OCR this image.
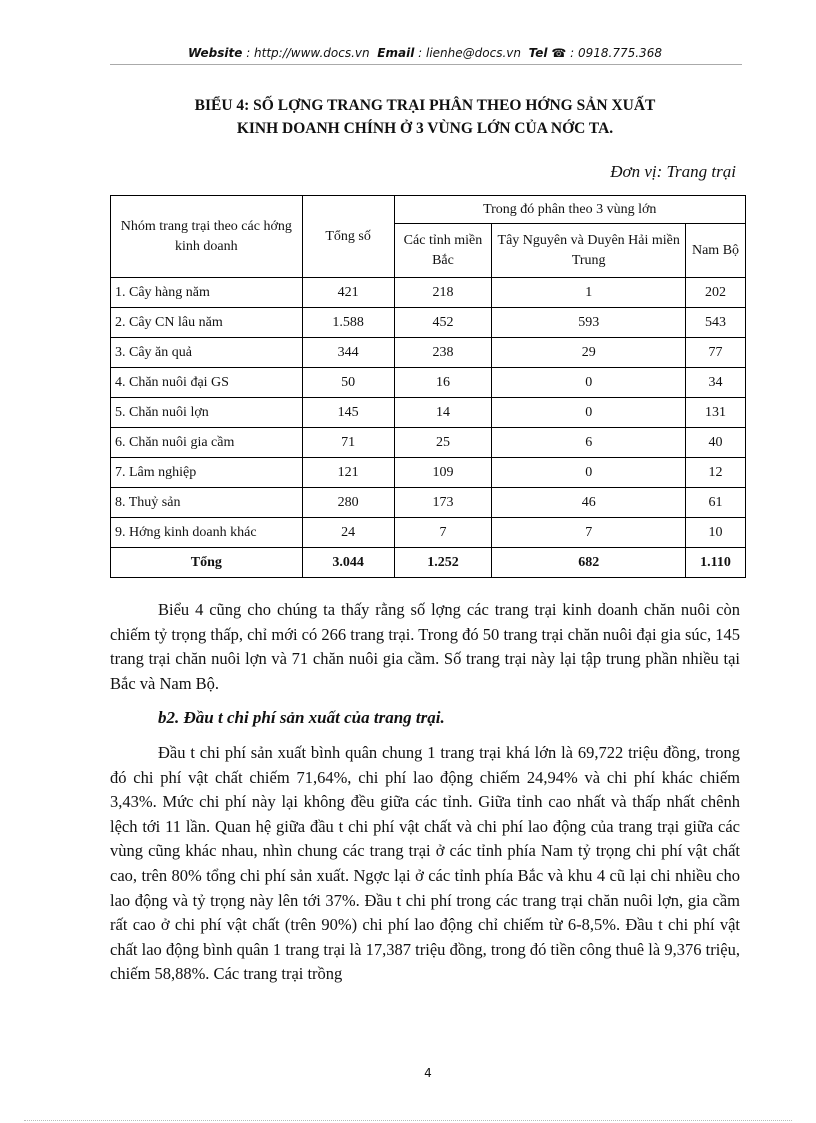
Website : http://www.docs.vn Email : lienhe@docs.vn Tel ☎ : 0918.775.368
BIỂU 4: SỐ LỢNG TRANG TRẠI PHÂN THEO HỚNG SẢN XUẤT
KINH DOANH CHÍNH Ở 3 VÙNG LỚN CỦA NỚC TA.
Đơn vị: Trang trại
Nhóm trang trại theo các hớng kinh doanh	Tổng số	Trong đó phân theo 3 vùng lớn		
		Các tỉnh miền Bắc	Tây Nguyên và Duyên Hải miền Trung	Nam Bộ
1. Cây hàng năm	421	218	1	202
2. Cây CN lâu năm	1.588	452	593	543
3. Cây ăn quả	344	238	29	77
4. Chăn nuôi đại GS	50	16	0	34
5. Chăn nuôi lợn	145	14	0	131
6. Chăn nuôi gia cầm	71	25	6	40
7. Lâm nghiệp	121	109	0	12
8. Thuỷ sản	280	173	46	61
9. Hớng kinh doanh khác	24	7	7	10
Tổng	3.044	1.252	682	1.110
Biểu 4 cũng cho chúng ta thấy rằng số lợng các trang trại kinh doanh chăn nuôi còn chiếm tỷ trọng thấp, chỉ mới có 266 trang trại. Trong đó 50 trang trại chăn nuôi đại gia súc, 145 trang trại chăn nuôi lợn và 71 chăn nuôi gia cầm. Số trang trại này lại tập trung phần nhiều tại Bắc và Nam Bộ.
b2. Đầu t chi phí sản xuất của trang trại.
Đầu t chi phí sản xuất bình quân chung 1 trang trại khá lớn là 69,722 triệu đồng, trong đó chi phí vật chất chiếm 71,64%, chi phí lao động chiếm 24,94% và chi phí khác chiếm 3,43%. Mức chi phí này lại không đều giữa các tỉnh. Giữa tỉnh cao nhất và thấp nhất chênh lệch tới 11 lần. Quan hệ giữa đầu t chi phí vật chất và chi phí lao động của trang trại giữa các vùng cũng khác nhau, nhìn chung các trang trại ở các tỉnh phía Nam tỷ trọng chi phí vật chất cao, trên 80% tổng chi phí sản xuất. Ngợc lại ở các tỉnh phía Bắc và khu 4 cũ lại chi nhiều cho lao động và tỷ trọng này lên tới 37%. Đầu t chi phí trong các trang trại chăn nuôi lợn, gia cầm rất cao ở chi phí vật chất (trên 90%) chi phí lao động chỉ chiếm từ 6-8,5%. Đầu t chi phí vật chất lao động bình quân 1 trang trại là 17,387 triệu đồng, trong đó tiền công thuê là 9,376 triệu, chiếm 58,88%. Các trang trại trồng
4
